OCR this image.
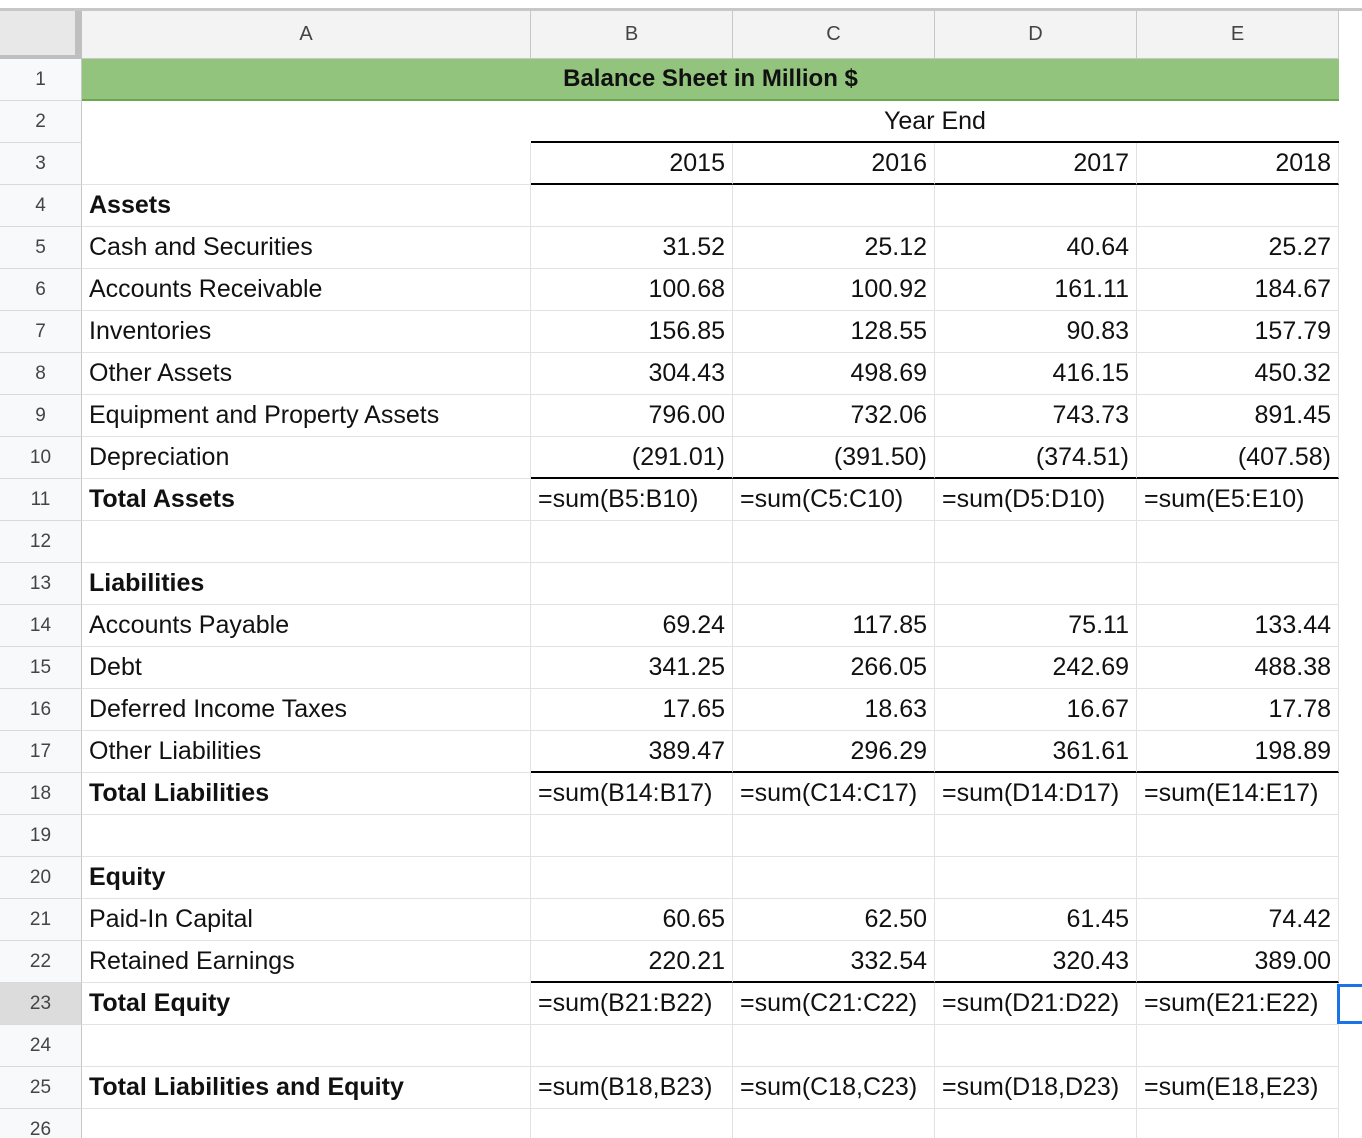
Balance Sheet in Million $
Year End
A	B	C	D	E
1
2
3	2015	2016	2017	2018
4	Assets
5	Cash and Securities	31.52	25.12	40.64	25.27
6	Accounts Receivable	100.68	100.92	161.11	184.67
7	Inventories	156.85	128.55	90.83	157.79
8	Other Assets	304.43	498.69	416.15	450.32
9	Equipment and Property Assets	796.00	732.06	743.73	891.45
10	Depreciation	(291.01)	(391.50)	(374.51)	(407.58)
11	Total Assets	=sum(B5:B10)	=sum(C5:C10)	=sum(D5:D10)	=sum(E5:E10)
12
13	Liabilities
14	Accounts Payable	69.24	117.85	75.11	133.44
15	Debt	341.25	266.05	242.69	488.38
16	Deferred Income Taxes	17.65	18.63	16.67	17.78
17	Other Liabilities	389.47	296.29	361.61	198.89
18	Total Liabilities	=sum(B14:B17)	=sum(C14:C17) =sum(D14:D17) =sum(E14:E17)
19
20	Equity
21	Paid-In Capital	60.65	62.50	61.45	74.42
22	Retained Earnings	220.21	332.54	320.43	389.00
23	Total Equity	=sum(B21:B22)	=sum(C21:C22) =sum(D21:D22) =sum(E21:E22)
24
25	Total Liabilities and Equity	=sum(B18,B23)	=sum(C18,C23) =sum(D18,D23) =sum(E18,E23)
26
